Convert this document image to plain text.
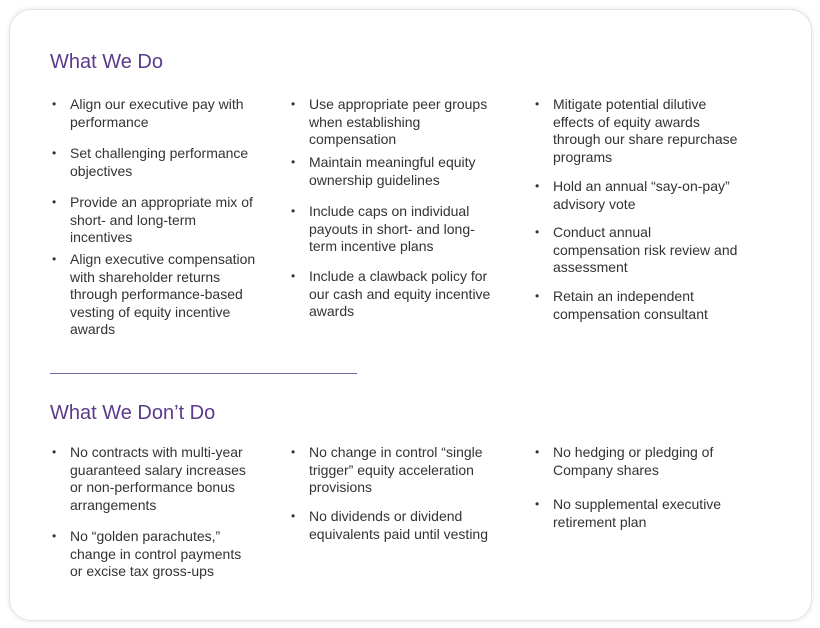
What We Do
• Align our executive pay with performance

• Set challenging performance objectives

• Provide an appropriate mix of short- and long-term incentives

• Align executive compensation with shareholder returns through performance-based vesting of equity incentive awards

• Use appropriate peer groups when establishing compensation

• Maintain meaningful equity ownership guidelines

• Include caps on individual payouts in short- and long-term incentive plans

• Include a clawback policy for our cash and equity incentive awards

• Mitigate potential dilutive effects of equity awards through our share repurchase programs

• Hold an annual “say-on-pay” advisory vote

• Conduct annual compensation risk review and assessment

• Retain an independent compensation consultant

What We Don’t Do
• No contracts with multi-year guaranteed salary increases or non-performance bonus arrangements

• No “golden parachutes,” change in control payments or excise tax gross-ups

• No change in control “single trigger” equity acceleration provisions

• No dividends or dividend equivalents paid until vesting

• No hedging or pledging of Company shares

• No supplemental executive retirement plan
